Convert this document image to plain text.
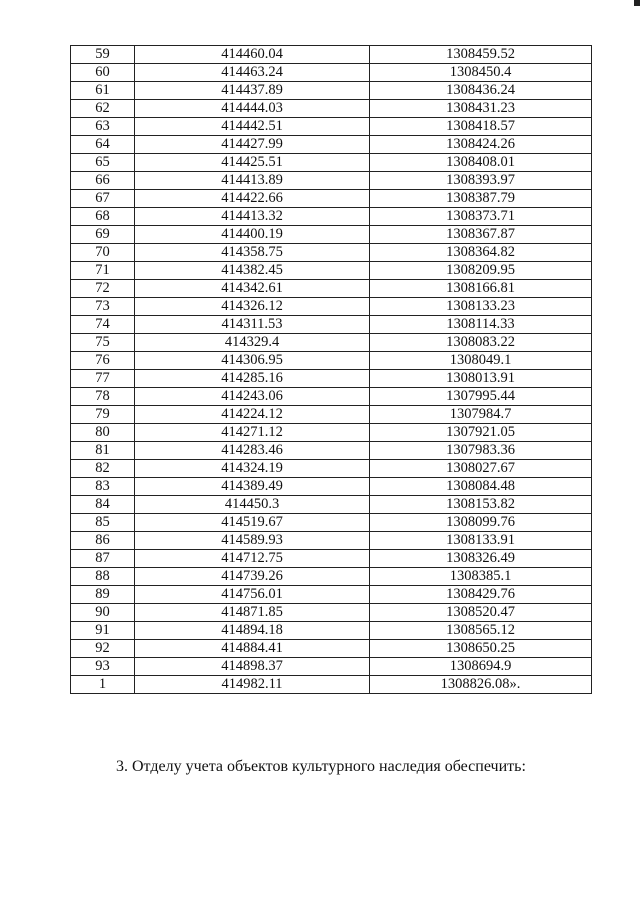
59	414460.04	1308459.52
60	414463.24	1308450.4
61	414437.89	1308436.24
62	414444.03	1308431.23
63	414442.51	1308418.57
64	414427.99	1308424.26
65	414425.51	1308408.01
66	414413.89	1308393.97
67	414422.66	1308387.79
68	414413.32	1308373.71
69	414400.19	1308367.87
70	414358.75	1308364.82
71	414382.45	1308209.95
72	414342.61	1308166.81
73	414326.12	1308133.23
74	414311.53	1308114.33
75	414329.4	1308083.22
76	414306.95	1308049.1
77	414285.16	1308013.91
78	414243.06	1307995.44
79	414224.12	1307984.7
80	414271.12	1307921.05
81	414283.46	1307983.36
82	414324.19	1308027.67
83	414389.49	1308084.48
84	414450.3	1308153.82
85	414519.67	1308099.76
86	414589.93	1308133.91
87	414712.75	1308326.49
88	414739.26	1308385.1
89	414756.01	1308429.76
90	414871.85	1308520.47
91	414894.18	1308565.12
92	414884.41	1308650.25
93	414898.37	1308694.9
1	414982.11	1308826.08».
3. Отделу учета объектов культурного наследия обеспечить:
